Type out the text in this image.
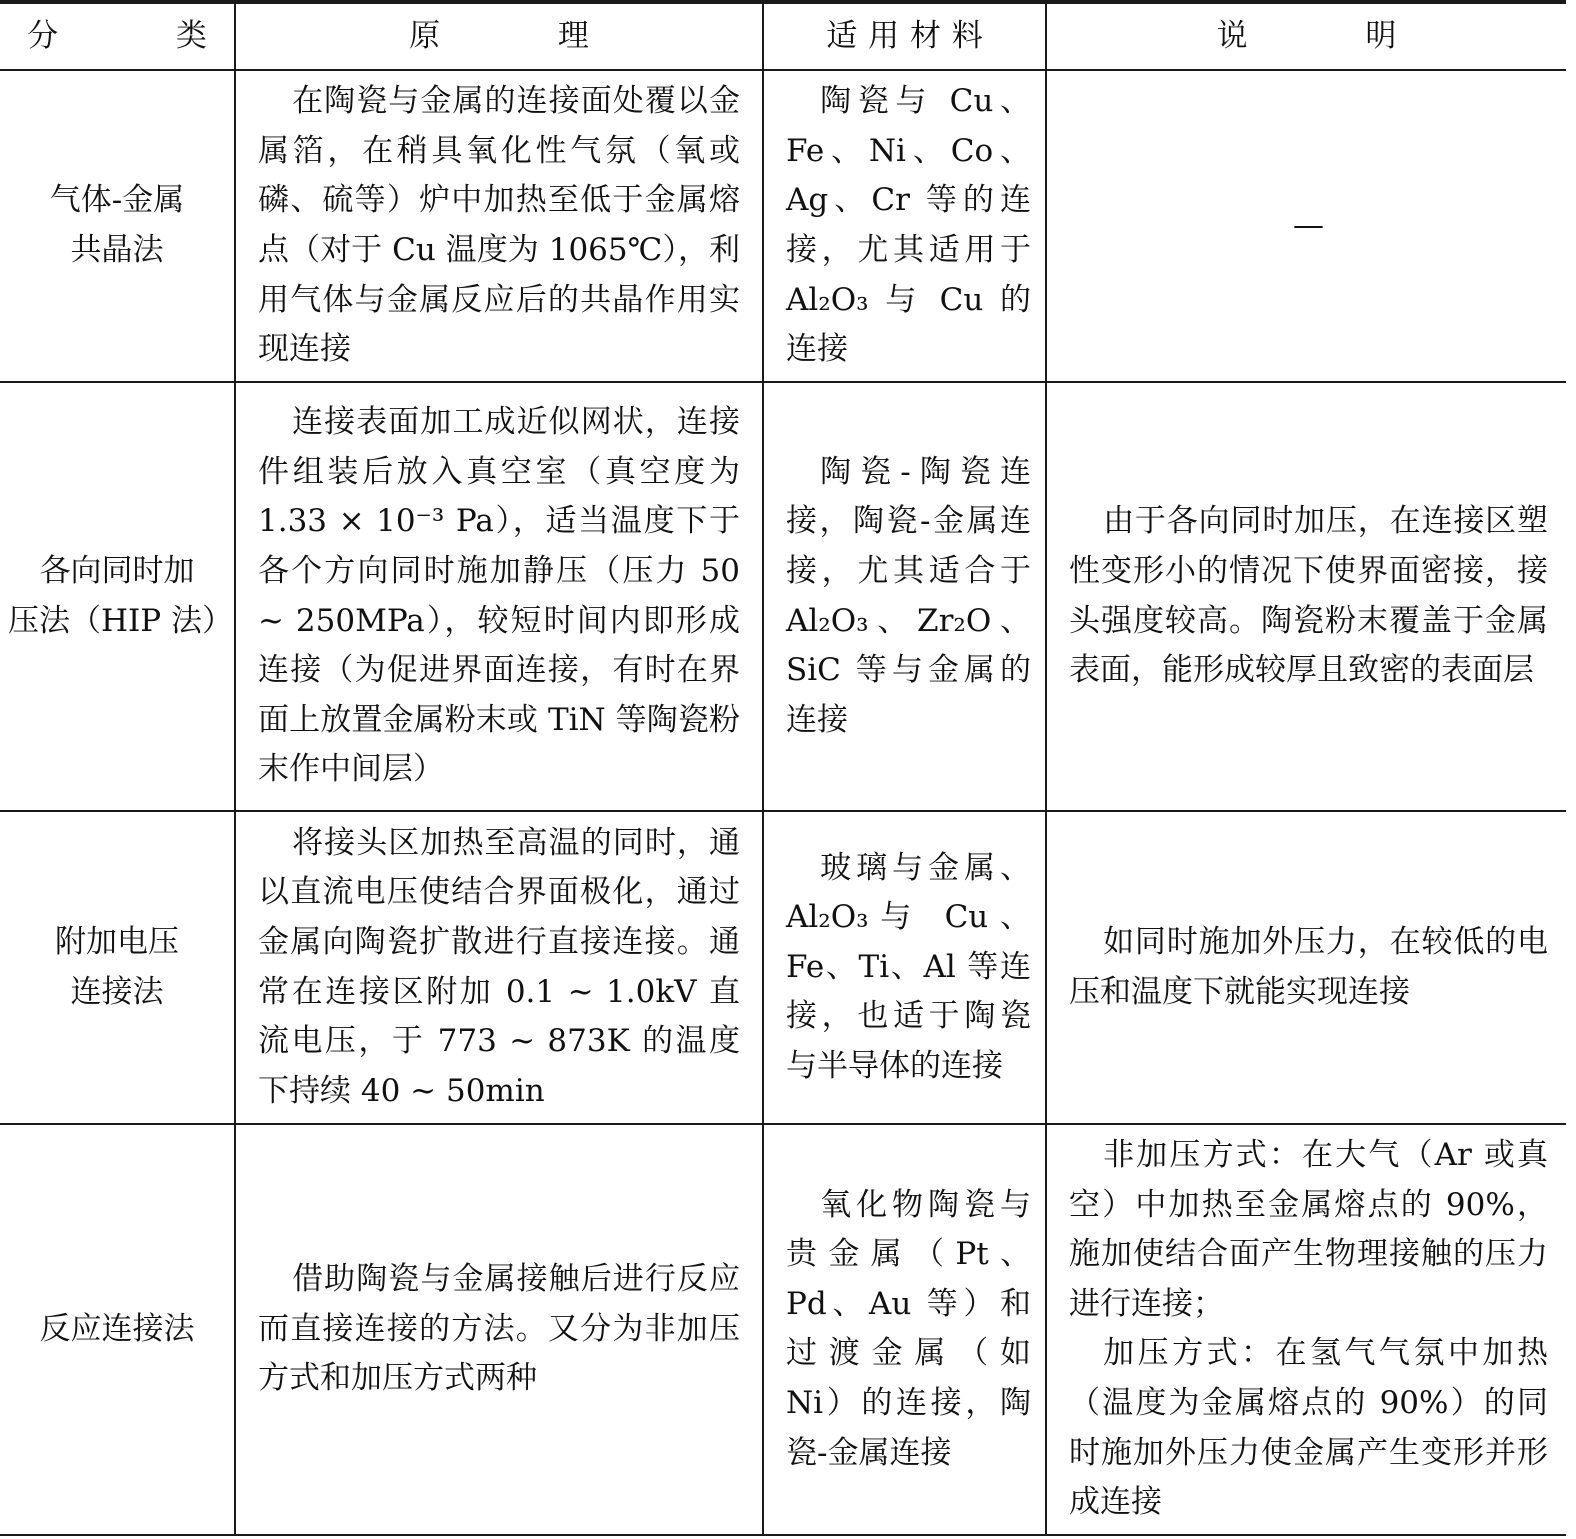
分　类	原　理	适用材料	说　明

气体-金属
共晶法	在陶瓷与金属的连接面处覆以金属箔，在稍具氧化性气氛（氧或磷、硫等）炉中加热至低于金属熔点（对于 Cu 温度为 1065℃），利用气体与金属反应后的共晶作用实现连接	陶瓷与 Cu、Fe、Ni、Co、Ag、Cr 等的连接，尤其适用于 Al₂O₃ 与 Cu 的连接	—

各向同时加
压法（HIP 法）	连接表面加工成近似网状，连接件组装后放入真空室（真空度为 1.33 × 10⁻³ Pa），适当温度下于各个方向同时施加静压（压力 50 ~ 250MPa），较短时间内即形成连接（为促进界面连接，有时在界面上放置金属粉末或 TiN 等陶瓷粉末作中间层）	陶瓷-陶瓷连接，陶瓷-金属连接，尤其适合于 Al₂O₃、Zr₂O、SiC 等与金属的连接	由于各向同时加压，在连接区塑性变形小的情况下使界面密接，接头强度较高。陶瓷粉末覆盖于金属表面，能形成较厚且致密的表面层

附加电压
连接法	将接头区加热至高温的同时，通以直流电压使结合界面极化，通过金属向陶瓷扩散进行直接连接。通常在连接区附加 0.1 ~ 1.0kV 直流电压，于 773 ~ 873K 的温度下持续 40 ~ 50min	玻璃与金属、Al₂O₃与 Cu、Fe、Ti、Al 等连接，也适于陶瓷与半导体的连接	如同时施加外压力，在较低的电压和温度下就能实现连接

反应连接法	借助陶瓷与金属接触后进行反应而直接连接的方法。又分为非加压方式和加压方式两种	氧化物陶瓷与贵金属（Pt、Pd、Au 等）和过渡金属（如 Ni）的连接，陶瓷-金属连接	非加压方式：在大气（Ar 或真空）中加热至金属熔点的 90%，施加使结合面产生物理接触的压力进行连接；
加压方式：在氢气气氛中加热（温度为金属熔点的 90%）的同时施加外压力使金属产生变形并形成连接
